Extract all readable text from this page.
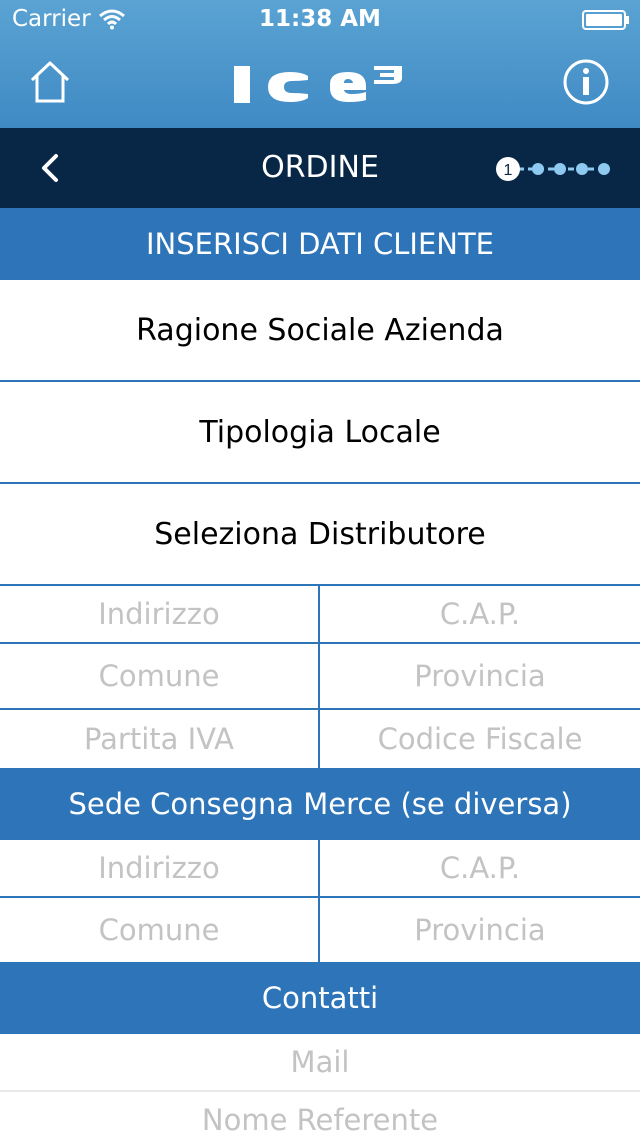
Carrier	11:38 AM
ORDINE	1
INSERISCI DATI CLIENTE
Ragione Sociale Azienda
Tipologia Locale
Seleziona Distributore
Indirizzo	C.A.P.
Comune	Provincia
Partita IVA	Codice Fiscale
Sede Consegna Merce (se diversa)
Indirizzo	C.A.P.
Comune	Provincia
Contatti
Mail
Nome Referente
